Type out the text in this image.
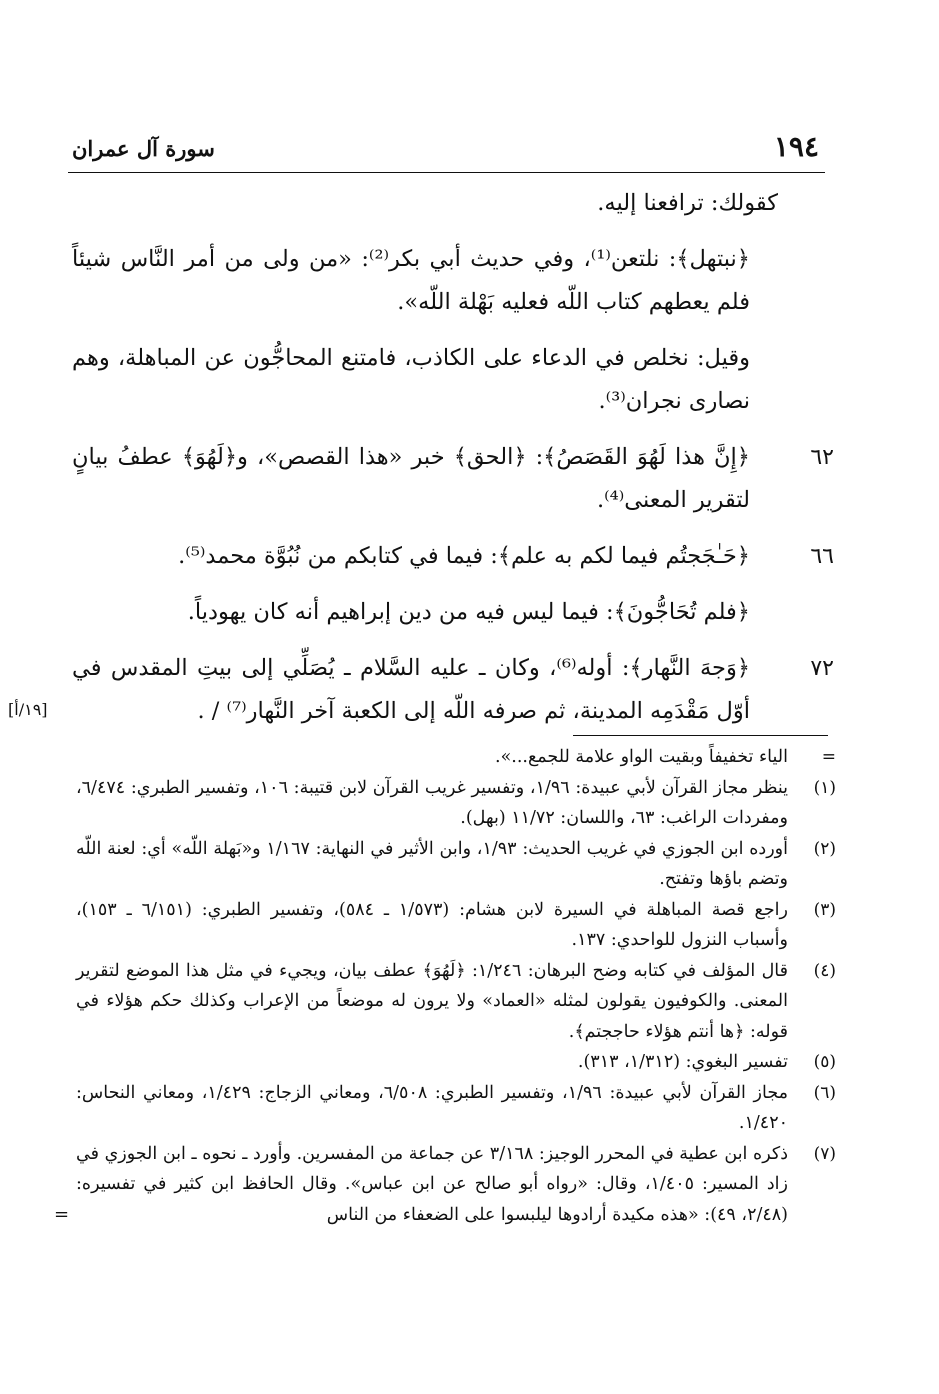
١٩٤
سورة آل عمران

كقولك: ترافعنا إليه.

﴿نبتهل﴾: نلتعن⁽¹⁾، وفي حديث أبي بكر⁽²⁾: «من ولى من أمر النَّاس شيئاً فلم يعطهم كتاب اللّه فعليه بَهْلة اللّه».

وقيل: نخلص في الدعاء على الكاذب، فامتنع المحاجُّون عن المباهلة، وهم نصارى نجران⁽³⁾.

٦٢
﴿إِنَّ هذا لَهُوَ القَصَصُ﴾: ﴿الحق﴾ خبر «هذا القصص»، و﴿لَهُوَ﴾ عطفُ بيانٍ لتقرير المعنى⁽⁴⁾.
٦٦
﴿حَـٰجَجتُم فيما لكم به علم﴾: فيما في كتابكم من نُبُوَّة محمد⁽⁵⁾.

﴿فلم تُحَاجُّونَ﴾: فيما ليس فيه من دين إبراهيم أنه كان يهودياً.

٧٢
﴿وَجهَ النَّهار﴾: أوله⁽⁶⁾، وكان ـ عليه السَّلام ـ يُصَلِّي إلى بيتِ المقدس في أوّل مَقْدَمِه المدينة، ثم صرفه اللّه إلى الكعبة آخر النَّهار⁽⁷⁾ / .
[١٩/أ]
=
الياء تخفيفاً وبقيت الواو علامة للجمع...».
(١)
ينظر مجاز القرآن لأبي عبيدة: ١/٩٦، وتفسير غريب القرآن لابن قتيبة: ١٠٦، وتفسير الطبري: ٦/٤٧٤، ومفردات الراغب: ٦٣، واللسان: ١١/٧٢ (بهل).
(٢)
أورده ابن الجوزي في غريب الحديث: ١/٩٣، وابن الأثير في النهاية: ١/١٦٧ و«بَهلة اللّه» أي: لعنة اللّه وتضم باؤها وتفتح.
(٣)
راجع قصة المباهلة في السيرة لابن هشام: (١/٥٧٣ ـ ٥٨٤)، وتفسير الطبري: (٦/١٥١ ـ ١٥٣)، وأسباب النزول للواحدي: ١٣٧.
(٤)
قال المؤلف في كتابه وضح البرهان: ١/٢٤٦: ﴿لَهُوَ﴾ عطف بيان، ويجيء في مثل هذا الموضع لتقرير المعنى. والكوفيون يقولون لمثله «العماد» ولا يرون له موضعاً من الإعراب وكذلك حكم هؤلاء في قوله: ﴿ها أنتم هؤلاء حاججتم﴾.
(٥)
تفسير البغوي: (١/٣١٢، ٣١٣).
(٦)
مجاز القرآن لأبي عبيدة: ١/٩٦، وتفسير الطبري: ٦/٥٠٨، ومعاني الزجاج: ١/٤٢٩، ومعاني النحاس: ١/٤٢٠.
(٧)
ذكره ابن عطية في المحرر الوجيز: ٣/١٦٨ عن جماعة من المفسرين. وأورد ـ نحوه ـ ابن الجوزي في زاد المسير: ١/٤٠٥، وقال: «رواه أبو صالح عن ابن عباس». وقال الحافظ ابن كثير في تفسيره: (٢/٤٨، ٤٩): «هذه مكيدة أرادوها ليلبسوا على الضعفاء من الناس
=
